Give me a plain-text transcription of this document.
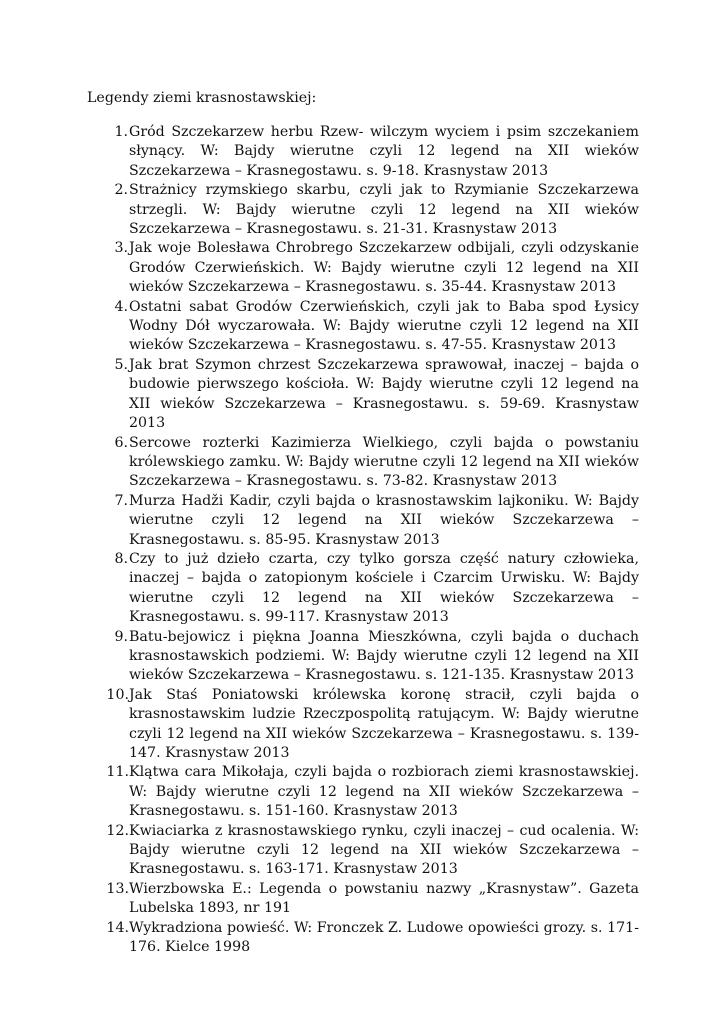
Legendy ziemi krasnostawskiej:
1. Gród Szczekarzew herbu Rzew- wilczym wyciem i psim szczekaniem słynący. W: Bajdy wierutne czyli 12 legend na XII wieków Szczekarzewa – Krasnegostawu. s. 9-18. Krasnystaw 2013
2. Strażnicy rzymskiego skarbu, czyli jak to Rzymianie Szczekarzewa strzegli. W: Bajdy wierutne czyli 12 legend na XII wieków Szczekarzewa – Krasnegostawu. s. 21-31. Krasnystaw 2013
3. Jak woje Bolesława Chrobrego Szczekarzew odbijali, czyli odzyskanie Grodów Czerwieńskich. W: Bajdy wierutne czyli 12 legend na XII wieków Szczekarzewa – Krasnegostawu. s. 35-44. Krasnystaw 2013
4. Ostatni sabat Grodów Czerwieńskich, czyli jak to Baba spod Łysicy Wodny Dół wyczarowała. W: Bajdy wierutne czyli 12 legend na XII wieków Szczekarzewa – Krasnegostawu. s. 47-55. Krasnystaw 2013
5. Jak brat Szymon chrzest Szczekarzewa sprawował, inaczej – bajda o budowie pierwszego kościoła. W: Bajdy wierutne czyli 12 legend na XII wieków Szczekarzewa – Krasnegostawu. s. 59-69. Krasnystaw 2013
6. Sercowe rozterki Kazimierza Wielkiego, czyli bajda o powstaniu królewskiego zamku. W: Bajdy wierutne czyli 12 legend na XII wieków Szczekarzewa – Krasnegostawu. s. 73-82. Krasnystaw 2013
7. Murza Hadži Kadir, czyli bajda o krasnostawskim lajkoniku. W: Bajdy wierutne czyli 12 legend na XII wieków Szczekarzewa – Krasnegostawu. s. 85-95. Krasnystaw 2013
8. Czy to już dzieło czarta, czy tylko gorsza część natury człowieka, inaczej – bajda o zatopionym kościele i Czarcim Urwisku. W: Bajdy wierutne czyli 12 legend na XII wieków Szczekarzewa – Krasnegostawu. s. 99-117. Krasnystaw 2013
9. Batu-bejowicz i piękna Joanna Mieszkówna, czyli bajda o duchach krasnostawskich podziemi. W: Bajdy wierutne czyli 12 legend na XII wieków Szczekarzewa – Krasnegostawu. s. 121-135. Krasnystaw 2013
10. Jak Staś Poniatowski królewska koronę stracił, czyli bajda o krasnostawskim ludzie Rzeczpospolitą ratującym. W: Bajdy wierutne czyli 12 legend na XII wieków Szczekarzewa – Krasnegostawu. s. 139-147. Krasnystaw 2013
11. Klątwa cara Mikołaja, czyli bajda o rozbiorach ziemi krasnostawskiej. W: Bajdy wierutne czyli 12 legend na XII wieków Szczekarzewa – Krasnegostawu. s. 151-160. Krasnystaw 2013
12. Kwiaciarka z krasnostawskiego rynku, czyli inaczej – cud ocalenia. W: Bajdy wierutne czyli 12 legend na XII wieków Szczekarzewa – Krasnegostawu. s. 163-171. Krasnystaw 2013
13. Wierzbowska E.: Legenda o powstaniu nazwy „Krasnystaw”. Gazeta Lubelska 1893, nr 191
14. Wykradziona powieść. W: Fronczek Z. Ludowe opowieści grozy. s. 171-176. Kielce 1998
